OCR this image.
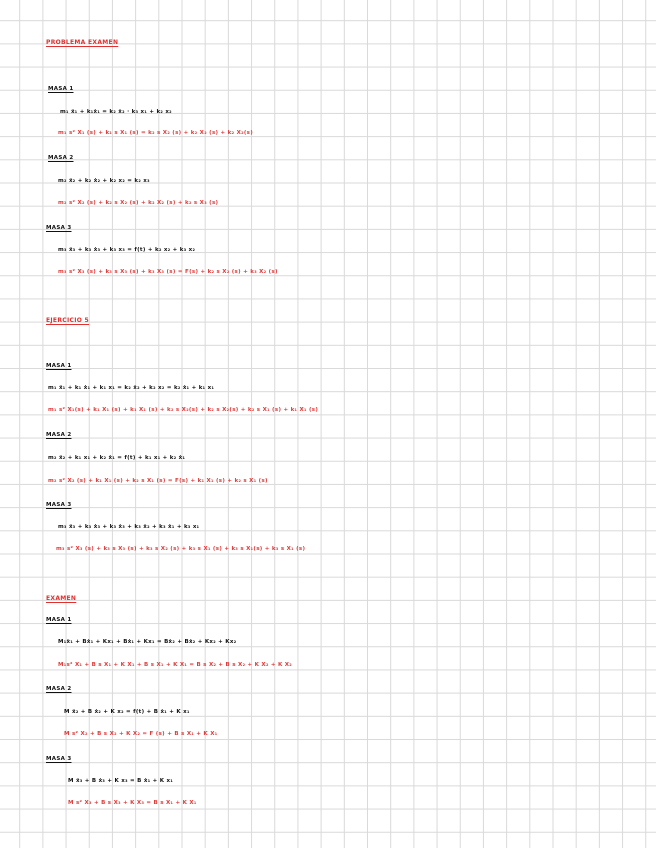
PROBLEMA EXAMEN
MASA 1
m₁ ẍ₁ + k₁ẋ₁ = k₂ ẋ₂ · k₃ x₁ + k₂ x₂
m₁ s² X₁ (s) + k₁ s X₁ (s) = k₂ s X₂ (s) + k₂ X₂ (s) + k₂ X₂(s)
MASA 2
m₂ ẍ₂ + k₂ ẋ₂ + k₂ x₂ = k₂ x₃
m₂ s² X₂ (s) + k₂ s X₂ (s) + k₂ X₂ (s) + k₂ s X₃ (s)
MASA 3
m₃ ẍ₃ + k₃ ẋ₃ + k₃ x₃ = f(t) + k₂ x₂ + k₃ x₂
m₃ s² X₃ (s) + k₃ s X₃ (s) + k₃ X₃ (s) = F(s) + k₂ s X₂ (s) + k₃ X₂ (s)
EJERCICIO 5
MASA 1
m₁ ẍ₁ + k₁ ẋ₁ + k₁ x₁ = k₂ ẋ₂ + k₂ x₂ = k₂ ẋ₁ + k₁ x₁
m₁ s² X₁(s) + k₁ X₁ (s) + k₁ X₁ (s) + k₂ s X₂(s) + k₂ s X₂(s) + k₂ s X₁ (s) + k₁ X₁ (s)
MASA 2
m₂ ẍ₂ + k₁ x₁ + k₂ ẋ₁ = f(t) + k₁ x₁ + k₂ ẋ₁
m₂ s² X₂ (s) + k₁ X₁ (s) + k₂ s X₁ (s) = F(s) + k₁ X₁ (s) + k₂ s X₁ (s)
MASA 3
m₃ ẍ₃ + k₃ ẋ₃ + k₃ ẋ₃ + k₃ ẋ₂ + k₃ ẋ₁ + k₃ x₁
m₃ s² X₃ (s) + k₃ s X₃ (s) + k₃ s X₂ (s) + k₃ s X₁ (s) + k₃ s X₁(s) + k₃ s X₁ (s)
EXAMEN
MASA 1
M₁ẍ₁ + Bẋ₁ + Kx₁ + Bẋ₁ + Kx₁ = Bẋ₂ + Bẋ₂ + Kx₂ + Kx₂
M₁s² X₁ + B s X₁ + K X₁ + B s X₁ + K X₁ = B s X₂ + B s X₂ + K X₂ + K X₂
MASA 2
M ẍ₂ + B ẋ₂ + K x₂ = f(t) + B ẋ₁ + K x₁
M s² X₂ + B s X₂ + K X₂ = F (s) + B s X₁ + K X₁
MASA 3
M ẍ₃ + B ẋ₃ + K x₃ = B ẋ₁ + K x₁
M s² X₃ + B s X₃ + K X₃ = B s X₁ + K X₁
